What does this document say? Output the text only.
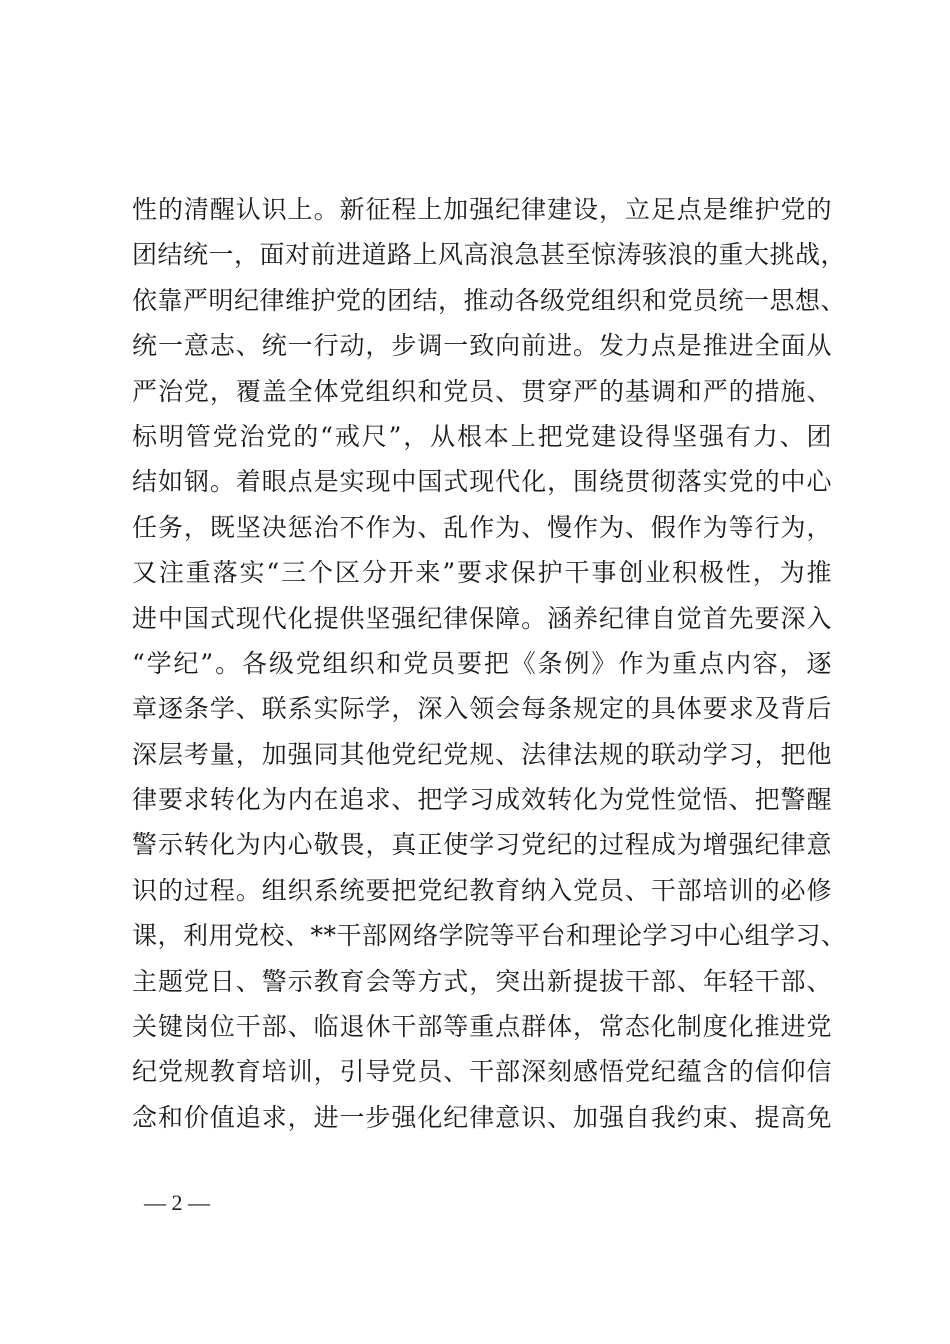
性的清醒认识上。新征程上加强纪律建设，立足点是维护党的
团结统一，面对前进道路上风高浪急甚至惊涛骇浪的重大挑战，
依靠严明纪律维护党的团结，推动各级党组织和党员统一思想、
统一意志、统一行动，步调一致向前进。发力点是推进全面从
严治党，覆盖全体党组织和党员、贯穿严的基调和严的措施、
标明管党治党的“戒尺”，从根本上把党建设得坚强有力、团
结如钢。着眼点是实现中国式现代化，围绕贯彻落实党的中心
任务，既坚决惩治不作为、乱作为、慢作为、假作为等行为，
又注重落实“三个区分开来”要求保护干事创业积极性，为推
进中国式现代化提供坚强纪律保障。涵养纪律自觉首先要深入
“学纪”。各级党组织和党员要把《条例》作为重点内容，逐
章逐条学、联系实际学，深入领会每条规定的具体要求及背后
深层考量，加强同其他党纪党规、法律法规的联动学习，把他
律要求转化为内在追求、把学习成效转化为党性觉悟、把警醒
警示转化为内心敬畏，真正使学习党纪的过程成为增强纪律意
识的过程。组织系统要把党纪教育纳入党员、干部培训的必修
课，利用党校、**干部网络学院等平台和理论学习中心组学习、
主题党日、警示教育会等方式，突出新提拔干部、年轻干部、
关键岗位干部、临退休干部等重点群体，常态化制度化推进党
纪党规教育培训，引导党员、干部深刻感悟党纪蕴含的信仰信
念和价值追求，进一步强化纪律意识、加强自我约束、提高免
— 2 —
